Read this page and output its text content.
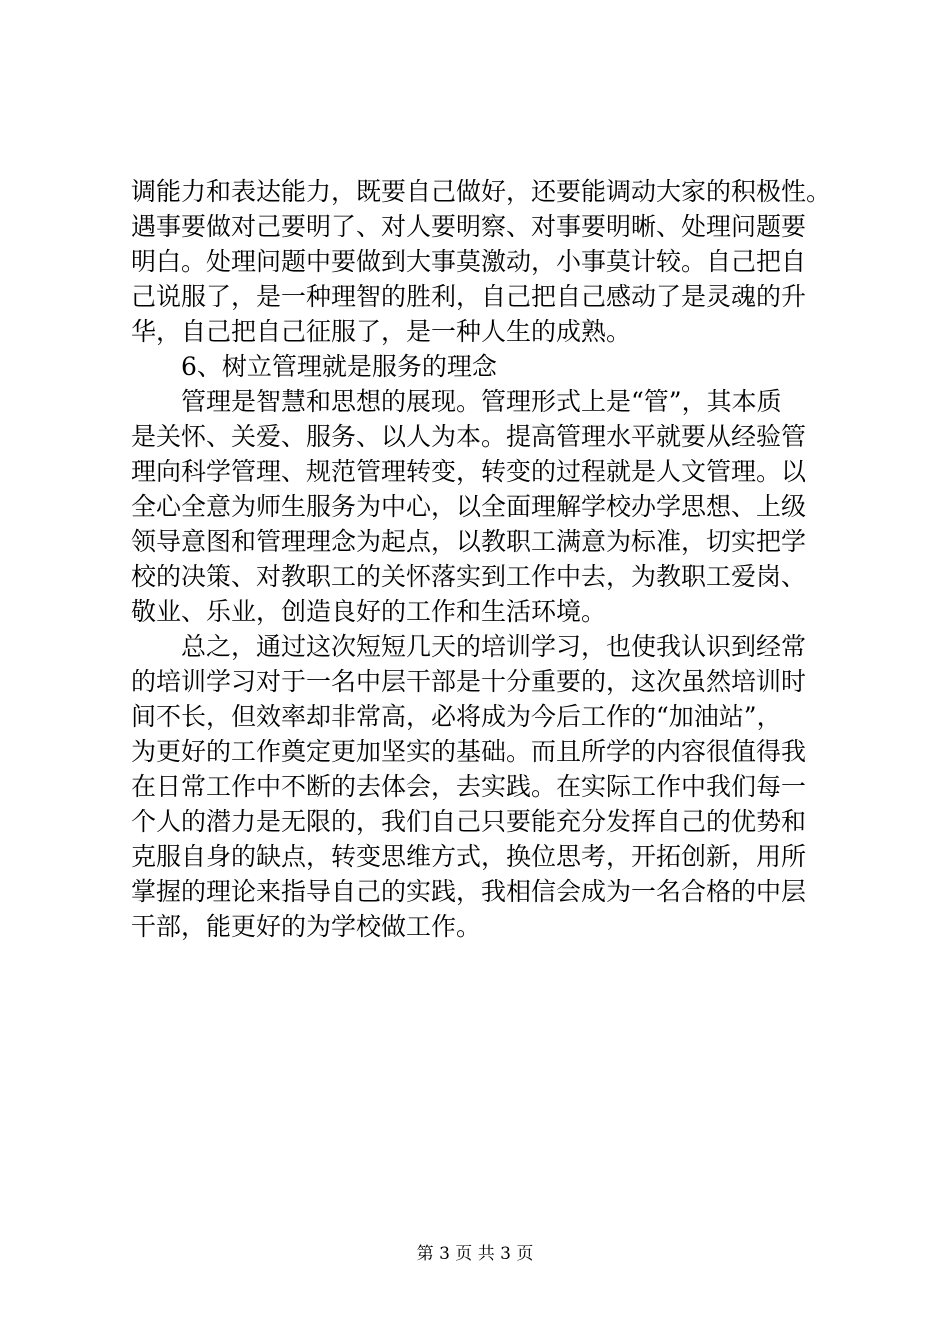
调能力和表达能力，既要自己做好，还要能调动大家的积极性。
遇事要做对己要明了、对人要明察、对事要明晰、处理问题要
明白。处理问题中要做到大事莫激动，小事莫计较。自己把自
己说服了，是一种理智的胜利，自己把自己感动了是灵魂的升
华，自己把自己征服了，是一种人生的成熟。
6、树立管理就是服务的理念
管理是智慧和思想的展现。管理形式上是“管”，其本质
是关怀、关爱、服务、以人为本。提高管理水平就要从经验管
理向科学管理、规范管理转变，转变的过程就是人文管理。以
全心全意为师生服务为中心，以全面理解学校办学思想、上级
领导意图和管理理念为起点，以教职工满意为标准，切实把学
校的决策、对教职工的关怀落实到工作中去，为教职工爱岗、
敬业、乐业，创造良好的工作和生活环境。
总之，通过这次短短几天的培训学习，也使我认识到经常
的培训学习对于一名中层干部是十分重要的，这次虽然培训时
间不长，但效率却非常高，必将成为今后工作的“加油站”，
为更好的工作奠定更加坚实的基础。而且所学的内容很值得我
在日常工作中不断的去体会，去实践。在实际工作中我们每一
个人的潜力是无限的，我们自己只要能充分发挥自己的优势和
克服自身的缺点，转变思维方式，换位思考，开拓创新，用所
掌握的理论来指导自己的实践，我相信会成为一名合格的中层
干部，能更好的为学校做工作。
第 3 页 共 3 页
